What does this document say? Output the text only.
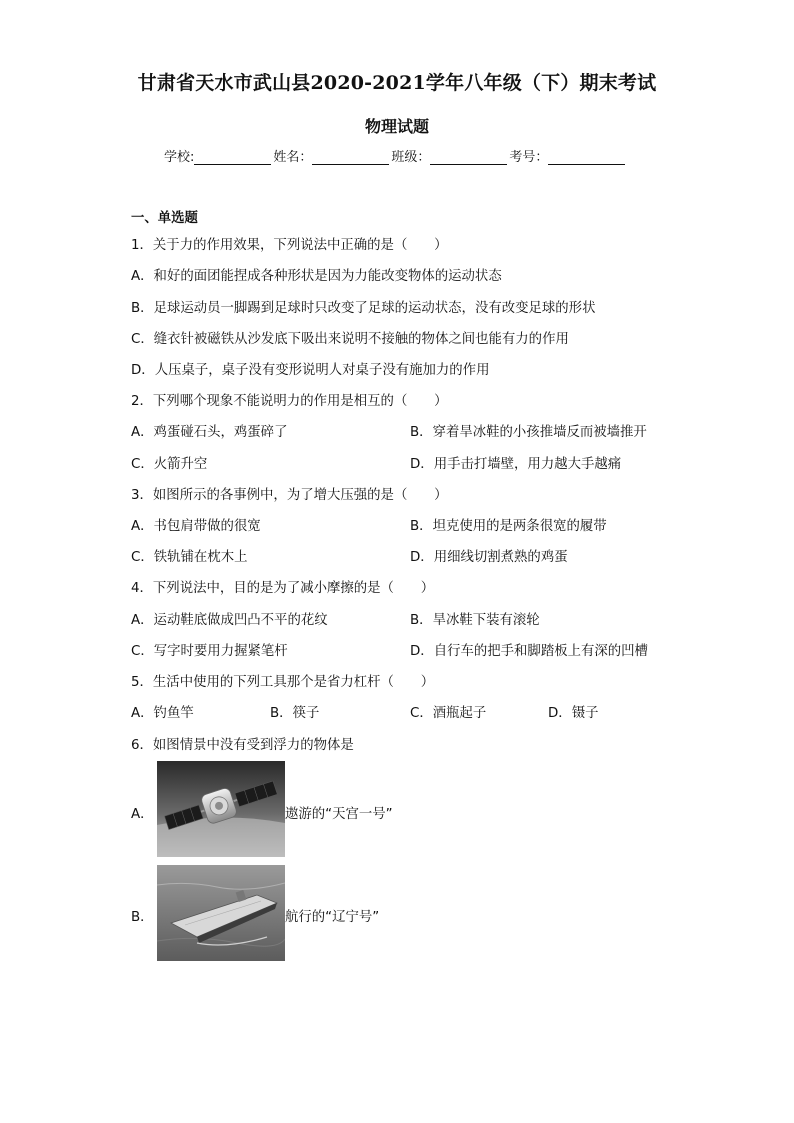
甘肃省天水市武山县2020-2021学年八年级（下）期末考试
物理试题
学校:	姓名：	班级：	考号：
一、单选题
1．关于力的作用效果，下列说法中正确的是（　　）
A．和好的面团能捏成各种形状是因为力能改变物体的运动状态
B．足球运动员一脚踢到足球时只改变了足球的运动状态，没有改变足球的形状
C．缝衣针被磁铁从沙发底下吸出来说明不接触的物体之间也能有力的作用
D．人压桌子，桌子没有变形说明人对桌子没有施加力的作用
2．下列哪个现象不能说明力的作用是相互的（　　）
A．鸡蛋碰石头，鸡蛋碎了	B．穿着旱冰鞋的小孩推墙反而被墙推开
C．火箭升空	D．用手击打墙壁，用力越大手越痛
3．如图所示的各事例中，为了增大压强的是（　　）
A．书包肩带做的很宽	B．坦克使用的是两条很宽的履带
C．铁轨铺在枕木上	D．用细线切割煮熟的鸡蛋
4．下列说法中，目的是为了减小摩擦的是（　　）
A．运动鞋底做成凹凸不平的花纹	B．旱冰鞋下装有滚轮
C．写字时要用力握紧笔杆	D．自行车的把手和脚踏板上有深的凹槽
5．生活中使用的下列工具那个是省力杠杆（　　）
A．钓鱼竿	B．筷子	C．酒瓶起子	D．镊子
6．如图情景中没有受到浮力的物体是
A．	遨游的“天宫一号”
B．	航行的“辽宁号”
